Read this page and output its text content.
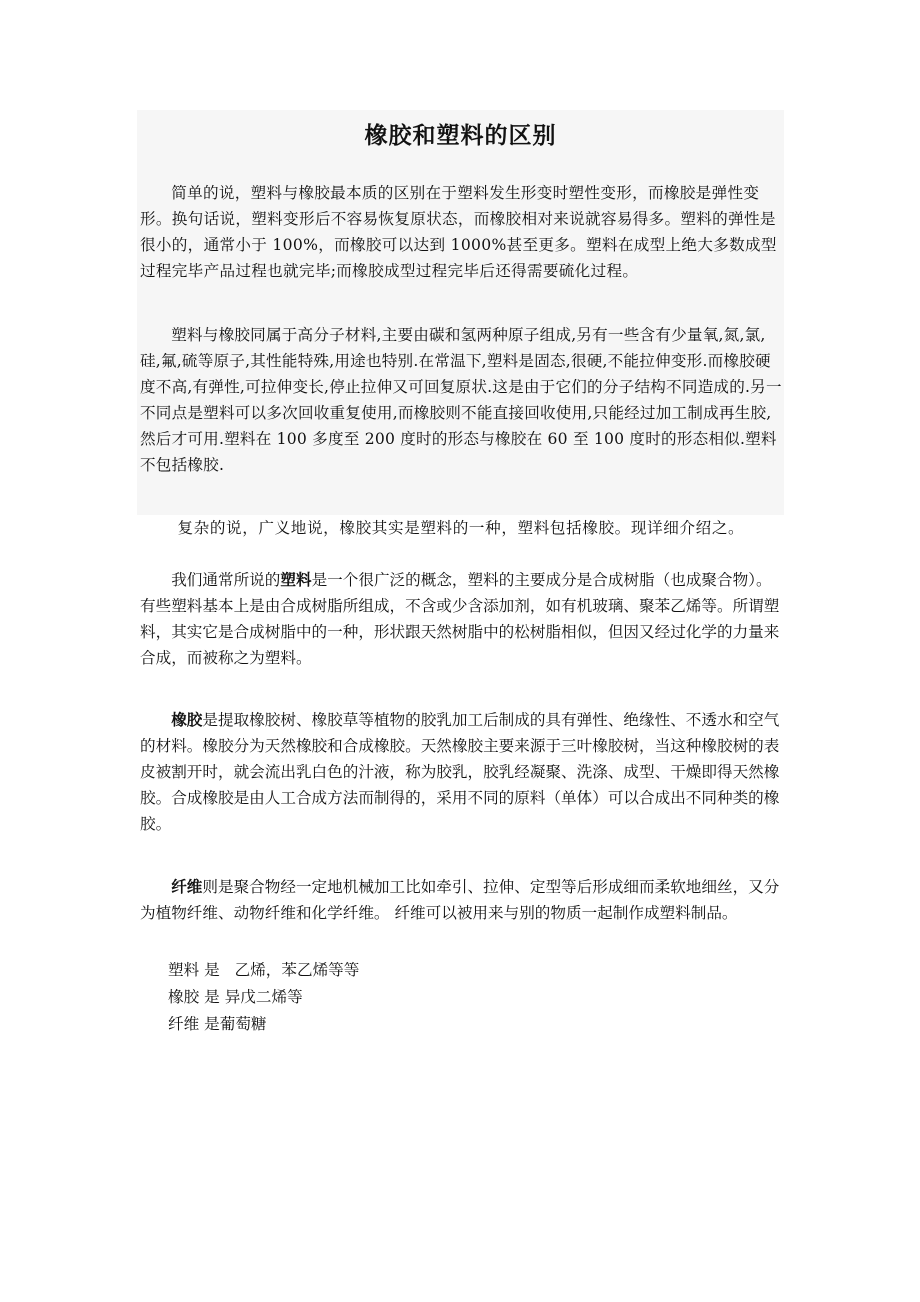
橡胶和塑料的区别

简单的说，塑料与橡胶最本质的区别在于塑料发生形变时塑性变形，而橡胶是弹性变形。换句话说，塑料变形后不容易恢复原状态，而橡胶相对来说就容易得多。塑料的弹性是很小的，通常小于 100%，而橡胶可以达到 1000%甚至更多。塑料在成型上绝大多数成型过程完毕产品过程也就完毕;而橡胶成型过程完毕后还得需要硫化过程。

塑料与橡胶同属于高分子材料,主要由碳和氢两种原子组成,另有一些含有少量氧,氮,氯,硅,氟,硫等原子,其性能特殊,用途也特别.在常温下,塑料是固态,很硬,不能拉伸变形.而橡胶硬度不高,有弹性,可拉伸变长,停止拉伸又可回复原状.这是由于它们的分子结构不同造成的.另一不同点是塑料可以多次回收重复使用,而橡胶则不能直接回收使用,只能经过加工制成再生胶,然后才可用.塑料在 100 多度至 200 度时的形态与橡胶在 60 至 100 度时的形态相似.塑料不包括橡胶.

复杂的说，广义地说，橡胶其实是塑料的一种，塑料包括橡胶。现详细介绍之。

我们通常所说的塑料是一个很广泛的概念，塑料的主要成分是合成树脂（也成聚合物）。有些塑料基本上是由合成树脂所组成，不含或少含添加剂，如有机玻璃、聚苯乙烯等。所谓塑料，其实它是合成树脂中的一种，形状跟天然树脂中的松树脂相似，但因又经过化学的力量来合成，而被称之为塑料。

橡胶是提取橡胶树、橡胶草等植物的胶乳加工后制成的具有弹性、绝缘性、不透水和空气的材料。橡胶分为天然橡胶和合成橡胶。天然橡胶主要来源于三叶橡胶树，当这种橡胶树的表皮被割开时，就会流出乳白色的汁液，称为胶乳，胶乳经凝聚、洗涤、成型、干燥即得天然橡胶。合成橡胶是由人工合成方法而制得的，采用不同的原料（单体）可以合成出不同种类的橡胶。

纤维则是聚合物经一定地机械加工比如牵引、拉伸、定型等后形成细而柔软地细丝，又分为植物纤维、动物纤维和化学纤维。 纤维可以被用来与别的物质一起制作成塑料制品。

塑料 是   乙烯，苯乙烯等等
橡胶 是 异戊二烯等
纤维 是葡萄糖
